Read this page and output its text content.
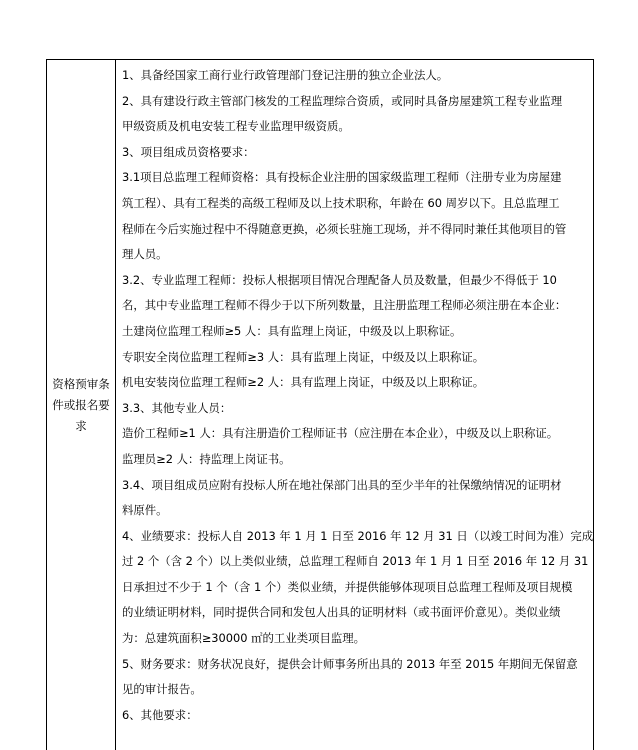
资格预审条件或报名要求
1、具备经国家工商行业行政管理部门登记注册的独立企业法人。
2、具有建设行政主管部门核发的工程监理综合资质，或同时具备房屋建筑工程专业监理
甲级资质及机电安装工程专业监理甲级资质。
3、项目组成员资格要求：
3.1项目总监理工程师资格：具有投标企业注册的国家级监理工程师（注册专业为房屋建
筑工程）、具有工程类的高级工程师及以上技术职称，年龄在 60 周岁以下。且总监理工
程师在今后实施过程中不得随意更换，必须长驻施工现场，并不得同时兼任其他项目的管
理人员。
3.2、专业监理工程师：投标人根据项目情况合理配备人员及数量，但最少不得低于 10
名，其中专业监理工程师不得少于以下所列数量，且注册监理工程师必须注册在本企业：
土建岗位监理工程师≥5 人：具有监理上岗证，中级及以上职称证。
专职安全岗位监理工程师≥3 人：具有监理上岗证，中级及以上职称证。
机电安装岗位监理工程师≥2 人：具有监理上岗证，中级及以上职称证。
3.3、其他专业人员：
造价工程师≥1 人：具有注册造价工程师证书（应注册在本企业），中级及以上职称证。
监理员≥2 人：持监理上岗证书。
3.4、项目组成员应附有投标人所在地社保部门出具的至少半年的社保缴纳情况的证明材
料原件。
4、业绩要求：投标人自 2013 年 1 月 1 日至 2016 年 12 月 31 日（以竣工时间为准）完成
过 2 个（含 2 个）以上类似业绩，总监理工程师自 2013 年 1 月 1 日至 2016 年 12 月 31
日承担过不少于 1 个（含 1 个）类似业绩，并提供能够体现项目总监理工程师及项目规模
的业绩证明材料，同时提供合同和发包人出具的证明材料（或书面评价意见）。类似业绩
为：总建筑面积≥30000 ㎡的工业类项目监理。
5、财务要求：财务状况良好，提供会计师事务所出具的 2013 年至 2015 年期间无保留意
见的审计报告。
6、其他要求：
